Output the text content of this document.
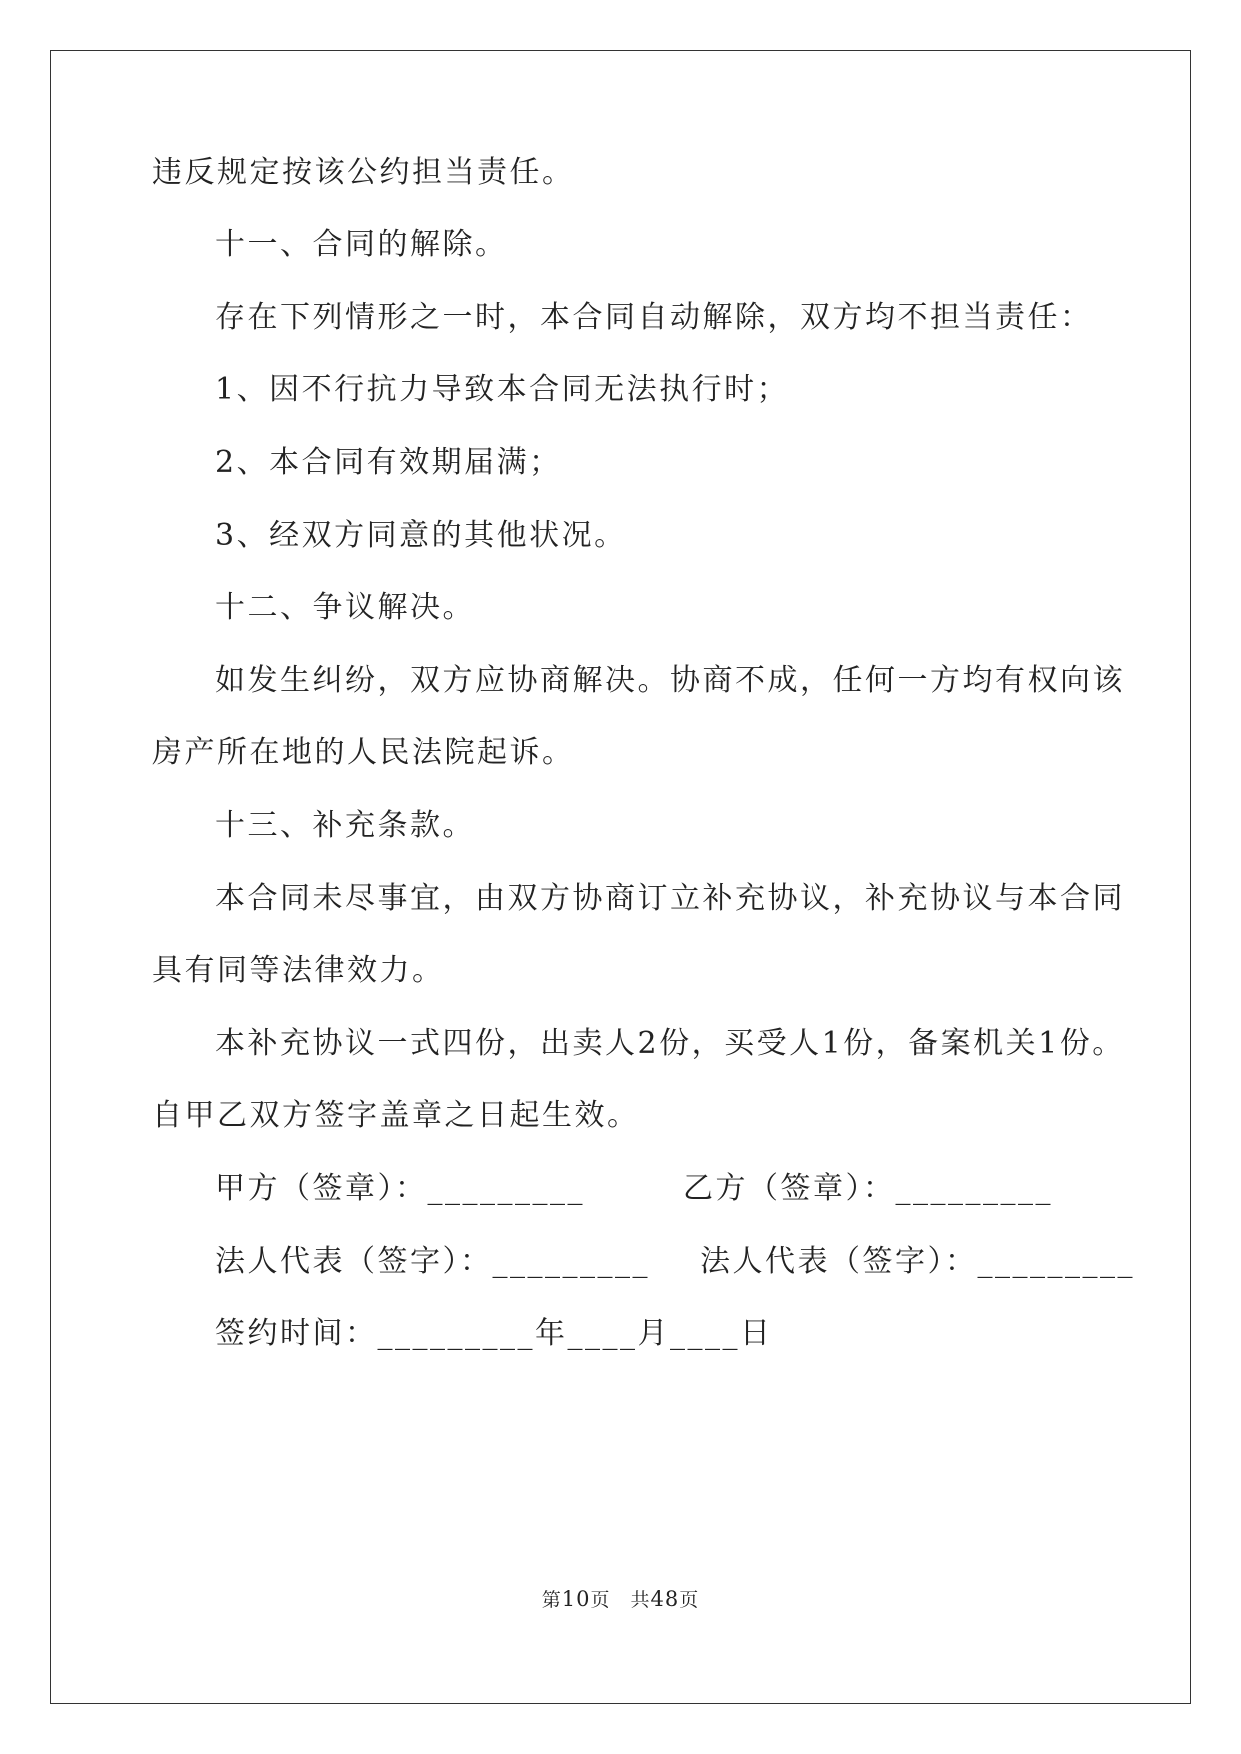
违反规定按该公约担当责任。
十一、合同的解除。
存在下列情形之一时，本合同自动解除，双方均不担当责任：
1、因不行抗力导致本合同无法执行时；
2、本合同有效期届满；
3、经双方同意的其他状况。
十二、争议解决。
如发生纠纷，双方应协商解决。协商不成，任何一方均有权向该
房产所在地的人民法院起诉。
十三、补充条款。
本合同未尽事宜，由双方协商订立补充协议，补充协议与本合同
具有同等法律效力。
本补充协议一式四份，出卖人2份，买受人1份，备案机关1份。
自甲乙双方签字盖章之日起生效。
甲方（签章）：_________	乙方（签章）：_________
法人代表（签字）：_________ 法人代表（签字）：_________
签约时间：_________年____月____日
第10页　共48页
